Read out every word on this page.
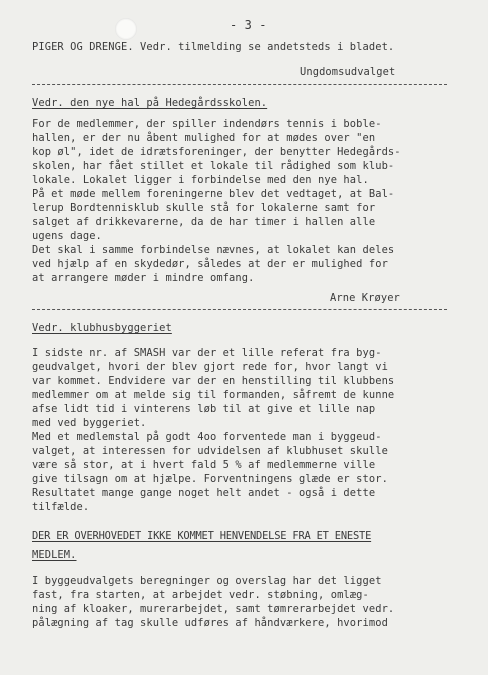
- 3 -
PIGER OG DRENGE. Vedr. tilmelding se andetsteds i bladet.
Ungdomsudvalget
Vedr. den nye hal på Hedegårdsskolen.
For de medlemmer, der spiller indendørs tennis i boble-
hallen, er der nu åbent mulighed for at mødes over "en
kop øl", idet de idrætsforeninger, der benytter Hedegårds-
skolen, har fået stillet et lokale til rådighed som klub-
lokale. Lokalet ligger i forbindelse med den nye hal.
På et møde mellem foreningerne blev det vedtaget, at Bal-
lerup Bordtennisklub skulle stå for lokalerne samt for
salget af drikkevarerne, da de har timer i hallen alle
ugens dage.
Det skal i samme forbindelse nævnes, at lokalet kan deles
ved hjælp af en skydedør, således at der er mulighed for
at arrangere møder i mindre omfang.
Arne Krøyer
Vedr. klubhusbyggeriet
I sidste nr. af SMASH var der et lille referat fra byg-
geudvalget, hvori der blev gjort rede for, hvor langt vi
var kommet. Endvidere var der en henstilling til klubbens
medlemmer om at melde sig til formanden, såfremt de kunne
afse lidt tid i vinterens løb til at give et lille nap
med ved byggeriet.
Med et medlemstal på godt 4oo forventede man i byggeud-
valget, at interessen for udvidelsen af klubhuset skulle
være så stor, at i hvert fald 5 % af medlemmerne ville
give tilsagn om at hjælpe. Forventningens glæde er stor.
Resultatet mange gange noget helt andet - også i dette
tilfælde.
DER ER OVERHOVEDET IKKE KOMMET HENVENDELSE FRA ET ENESTE
MEDLEM.
I byggeudvalgets beregninger og overslag har det ligget
fast, fra starten, at arbejdet vedr. støbning, omlæg-
ning af kloaker, murerarbejdet, samt tømrerarbejdet vedr.
pålægning af tag skulle udføres af håndværkere, hvorimod
